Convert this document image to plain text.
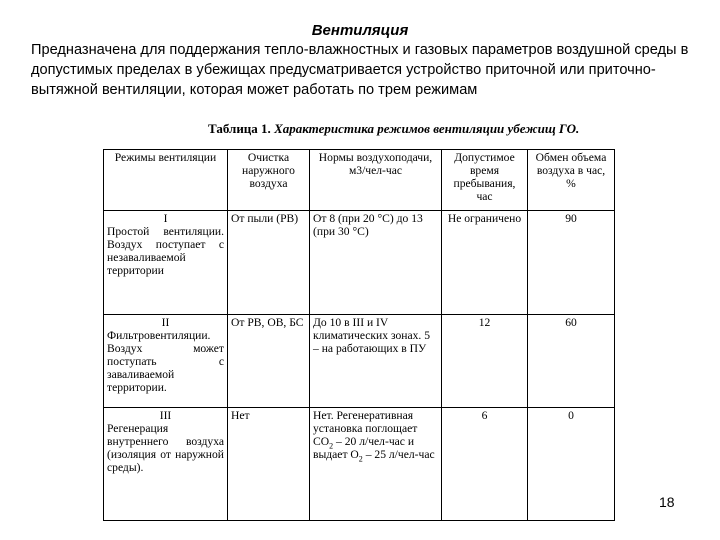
Вентиляция
Предназначена для поддержания тепло-влажностных и газовых параметров воздушной среды в допустимых пределах в убежищах предусматривается устройство приточной или приточно-вытяжной вентиляции, которая может работать по трем режимам
Таблица 1. Характеристика режимов вентиляции убежищ ГО.
Режимы вентиляции	Очистка наружного воздуха	Нормы воздухоподачи, м3/чел-час	Допустимое время пребывания, час	Обмен объема воздуха в час, %

I
Простой вентиляции. Воздух поступает с незаваливаемой территории	От пыли (РВ)	От 8 (при 20 °С) до 13 (при 30 °С)	Не ограничено	90

II
Фильтровентиляции. Воздух может поступать с заваливаемой территории.	От РВ, ОВ, БС	До 10 в III и IV климатических зонах. 5 – на работающих в ПУ	12	60

III
Регенерация внутреннего воздуха (изоляция от наружной среды).	Нет	Нет. Регенеративная установка поглощает $СО_2 - 20$ л/чел-час и выдает $О_2 - 25$ л/чел-час	6	0
18
